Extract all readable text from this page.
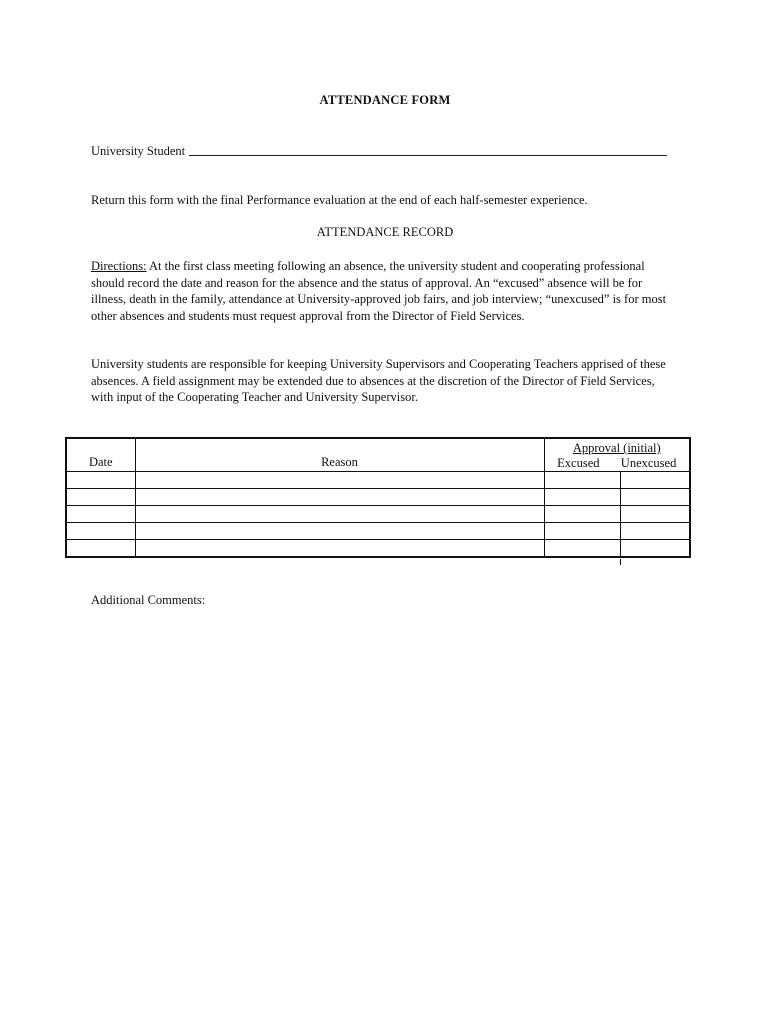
ATTENDANCE FORM
University Student
Return this form with the final Performance evaluation at the end of each half-semester experience.
ATTENDANCE RECORD
Directions: At the first class meeting following an absence, the university student and cooperating professional should record the date and reason for the absence and the status of approval. An “excused” absence will be for illness, death in the family, attendance at University-approved job fairs, and job interview; “unexcused” is for most other absences and students must request approval from the Director of Field Services.
University students are responsible for keeping University Supervisors and Cooperating Teachers apprised of these absences. A field assignment may be extended due to absences at the discretion of the Director of Field Services, with input of the Cooperating Teacher and University Supervisor.
Date	Reason	Approval (initial)
Excused Unexcused	

Additional Comments:
